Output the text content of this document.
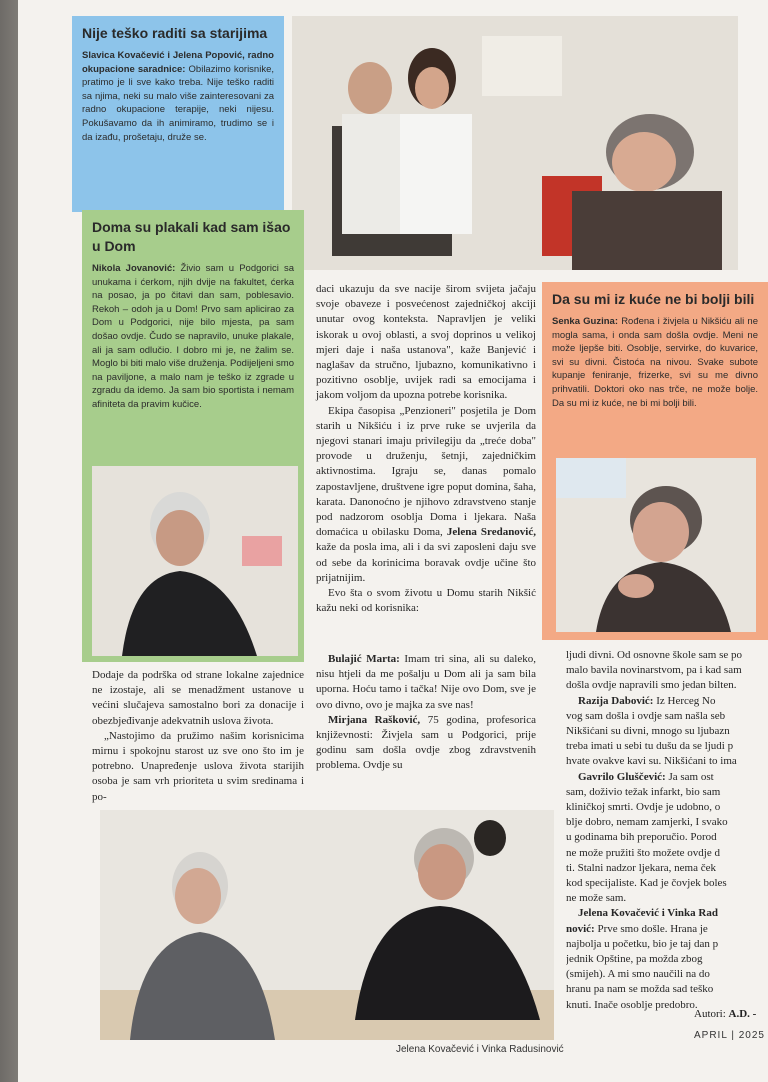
Nije teško raditi sa starijima

Slavica Kovačević i Jelena Popović, radno okupacione saradnice: Obilazimo korisnike, pratimo je li sve kako treba. Nije teško raditi sa njima, neki su malo više zainteresovani za radno okupacione terapije, neki nijesu. Pokušavamo da ih animiramo, trudimo se i da izađu, prošetaju, druže se.

Doma su plakali kad sam išao u Dom

Nikola Jovanović: Živio sam u Podgorici sa unukama i ćerkom, njih dvije na fakultet, ćerka na posao, ja po čitavi dan sam, poblesavio. Rekoh – odoh ja u Dom! Prvo sam aplicirao za Dom u Podgorici, nije bilo mjesta, pa sam došao ovdje. Čudo se napravilo, unuke plakale, ali ja sam odlučio. I dobro mi je, ne žalim se. Moglo bi biti malo više druženja. Podijeljeni smo na paviljone, a malo nam je teško iz zgrade u zgradu da idemo. Ja sam bio sportista i nemam afiniteta da pravim kučice.

Da su mi iz kuće ne bi bolji bili

Senka Guzina: Rođena i živjela u Nikšiću ali ne mogla sama, i onda sam došla ovdje. Meni ne može ljepše biti. Osoblje, servirke, do kuvarice, svi su divni. Čistoća na nivou. Svake subote kupanje feniranje, frizerke, svi su me divno prihvatili. Doktori oko nas trče, ne može bolje. Da su mi iz kuće, ne bi mi bolji bili.

daci ukazuju da sve nacije širom svijeta jačaju svoje obaveze i posvećenost zajedničkoj akciji unutar ovog konteksta. Napravljen je veliki iskorak u ovoj oblasti, a svoj doprinos u velikoj mjeri daje i naša ustanova", kaže Banjević i naglašav da stručno, ljubazno, komunikativno i pozitivno osoblje, uvijek radi sa emocijama i jakom voljom da upozna potrebe korisnika.

Ekipa časopisa „Penzioneri" posjetila je Dom starih u Nikšiću i iz prve ruke se uvjerila da njegovi stanari imaju privilegiju da „treće doba" provode u druženju, šetnji, zajedničkim aktivnostima. Igraju se, danas pomalo zapostavljene, društvene igre poput domina, šaha, karata. Danonoćno je njihovo zdravstveno stanje pod nadzorom osoblja Doma i ljekara. Naša domaćica u obilasku Doma, Jelena Sredanović, kaže da posla ima, ali i da svi zaposleni daju sve od sebe da korinicima boravak ovdje učine što prijatnijim.

Evo šta o svom životu u Domu starih Nikšić kažu neki od korisnika:

Dodaje da podrška od strane lokalne zajednice ne izostaje, ali se menadžment ustanove u većini slučajeva samostalno bori za donacije i obezbjeđivanje adekvatnih uslova života.

„Nastojimo da pružimo našim korisnicima mirnu i spokojnu starost uz sve ono što im je potrebno. Unapređenje uslova života starijih osoba je sam vrh prioriteta u svim sredinama i po-

Bulajić Marta: Imam tri sina, ali su daleko, nisu htjeli da me pošalju u Dom ali ja sam bila uporna. Hoću tamo i tačka! Nije ovo Dom, sve je ovo divno, ovo je majka za sve nas!

Mirjana Rašković, 75 godina, profesorica književnosti: Živjela sam u Podgorici, prije godinu sam došla ovdje zbog zdravstvenih problema. Ovdje su

ljudi divni. Od osnovne škole sam se po
malo bavila novinarstvom, pa i kad sam
došla ovdje napravili smo jedan bilten.
Razija Dabović: Iz Herceg No
vog sam došla i ovdje sam našla seb
Nikšićani su divni, mnogo su ljubazn
treba imati u sebi tu dušu da se ljudi p
hvate ovakve kavi su. Nikšićani to ima
Gavrilo Gluščević: Ja sam ost
sam, doživio težak infarkt, bio sam
kliničkoj smrti. Ovdje je udobno, o
blje dobro, nemam zamjerki, I svako
u godinama bih preporučio. Porod
ne može pružiti što možete ovdje d
ti. Stalni nadzor ljekara, nema ček
kod specijaliste. Kad je čovjek boles
ne može sam.
Jelena Kovačević i Vinka Rad
nović: Prve smo došle. Hrana je
najbolja u početku, bio je taj dan p
jednik Opštine, pa možda zbog
(smijeh). A mi smo naučili na do
hranu pa nam se možda sad teško
knuti. Inače osoblje predobro.
Autori: A.D. -
Jelena Kovačević i Vinka Radusinović
APRIL | 2025
